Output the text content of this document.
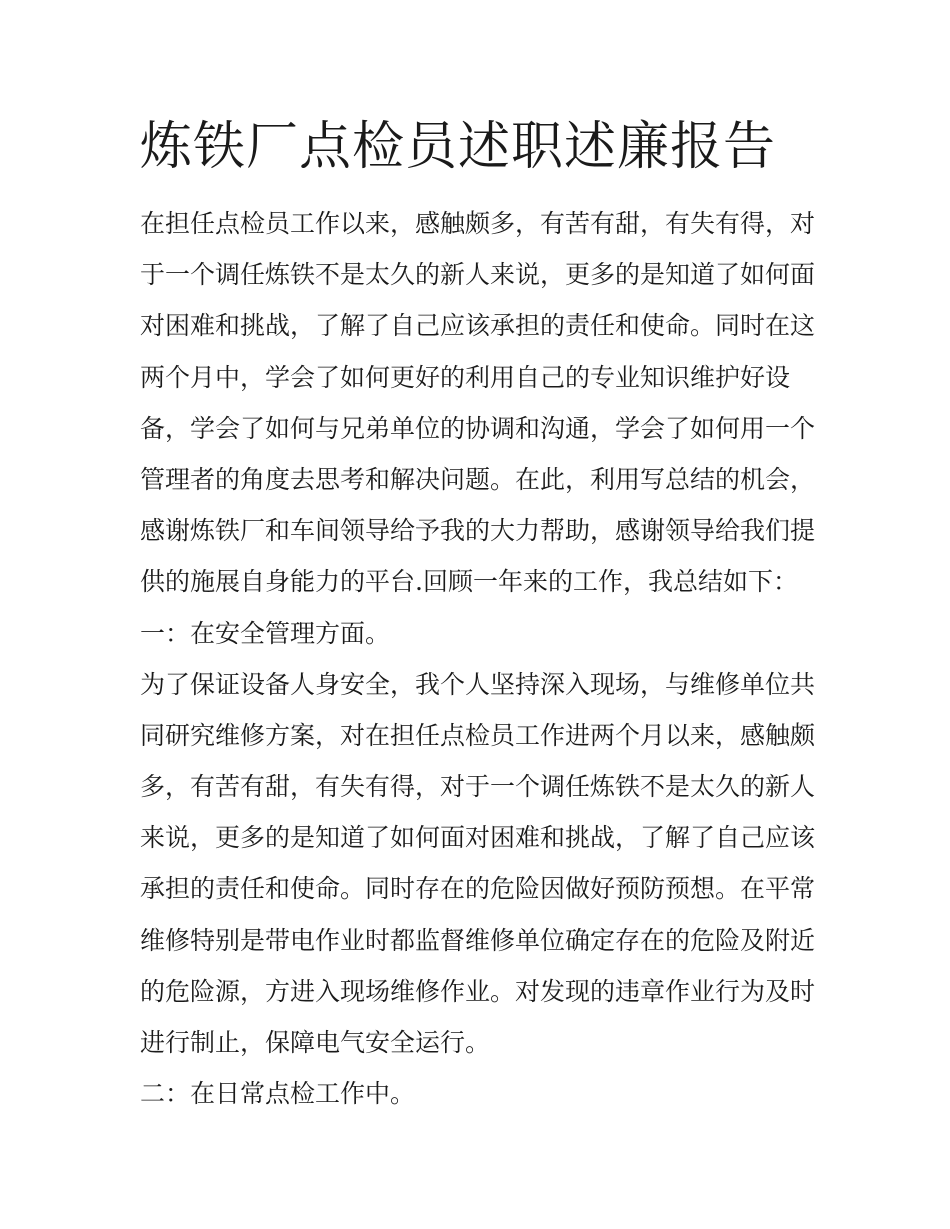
炼铁厂点检员述职述廉报告
在担任点检员工作以来，感触颇多，有苦有甜，有失有得，对
于一个调任炼铁不是太久的新人来说，更多的是知道了如何面
对困难和挑战，了解了自己应该承担的责任和使命。同时在这
两个月中，学会了如何更好的利用自己的专业知识维护好设
备，学会了如何与兄弟单位的协调和沟通，学会了如何用一个
管理者的角度去思考和解决问题。在此，利用写总结的机会，
感谢炼铁厂和车间领导给予我的大力帮助，感谢领导给我们提
供的施展自身能力的平台.回顾一年来的工作，我总结如下：
一：在安全管理方面。
为了保证设备人身安全，我个人坚持深入现场，与维修单位共
同研究维修方案，对在担任点检员工作进两个月以来，感触颇
多，有苦有甜，有失有得，对于一个调任炼铁不是太久的新人
来说，更多的是知道了如何面对困难和挑战，了解了自己应该
承担的责任和使命。同时存在的危险因做好预防预想。在平常
维修特别是带电作业时都监督维修单位确定存在的危险及附近
的危险源，方进入现场维修作业。对发现的违章作业行为及时
进行制止，保障电气安全运行。
二：在日常点检工作中。
